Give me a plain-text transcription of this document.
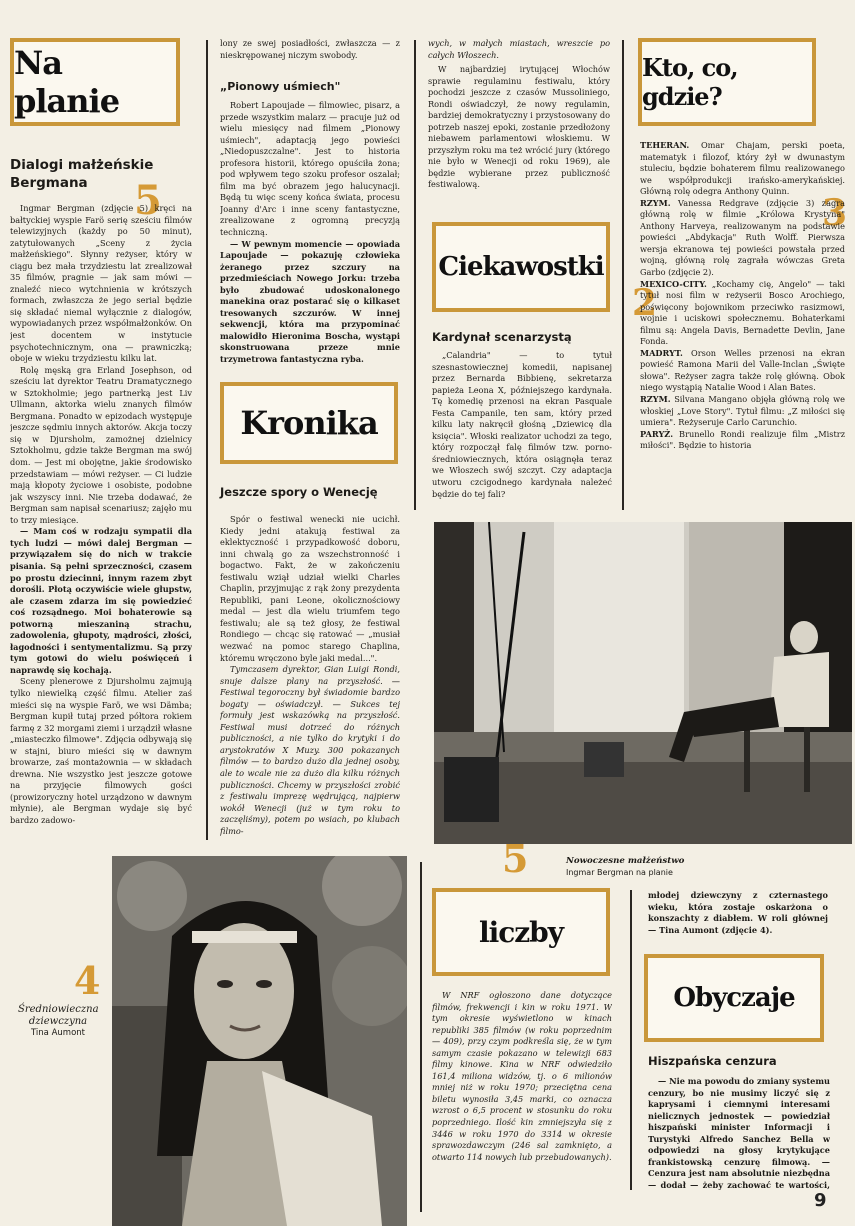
Na planie
Dialogi małżeńskie Bergmana	5

Ingmar Bergman (zdjęcie 5) kręci na bałtyckiej wyspie Farö serię sześciu filmów telewizyjnych (każdy po 50 minut), zatytułowanych „Sceny z życia małżeńskiego". Słynny reżyser, który w ciągu bez mała trzydziestu lat zrealizował 35 filmów, pragnie — jak sam mówi — znaleźć nieco wytchnienia w krótszych formach, zwłaszcza że jego serial będzie się składać niemal wyłącznie z dialogów, wypowiadanych przez współmałżonków. On jest docentem w instytucie psychotechnicznym, ona — prawniczką; oboje w wieku trzydziestu kilku lat.

Rolę męską gra Erland Josephson, od sześciu lat dyrektor Teatru Dramatycznego w Sztokholmie; jego partnerką jest Liv Ullmann, aktorka wielu znanych filmów Bergmana. Ponadto w epizodach występuje jeszcze sędmiu innych aktorów. Akcja toczy się w Djursholm, zamożnej dzielnicy Sztokholmu, gdzie także Bergman ma swój dom. — Jest mi obojętne, jakie środowisko przedstawiam — mówi reżyser. — Ci ludzie mają kłopoty życiowe i osobiste, podobne jak wszyscy inni. Nie trzeba dodawać, że Bergman sam napisał scenariusz; zajęło mu to trzy miesiące.

— Mam coś w rodzaju sympatii dla tych ludzi — mówi dalej Bergman — przywiązałem się do nich w trakcie pisania. Są pełni sprzeczności, czasem po prostu dziecinni, innym razem zbyt dorośli. Płotą oczywiście wiele głupstw, ale czasem zdarza im się powiedzieć coś rozsądnego. Moi bohaterowie są potworną mieszaniną strachu, zadowolenia, głupoty, mądrości, złości, łagodności i sentymentalizmu. Są przy tym gotowi do wielu poświęceń i naprawdę się kochają.

Sceny plenerowe z Djursholmu zajmują tylko niewielką część filmu. Atelier zaś mieści się na wyspie Farö, we wsi Dämba; Bergman kupił tutaj przed półtora rokiem farmę z 32 morgami ziemi i urządził własne „miasteczko filmowe". Zdjęcia odbywają się w stajni, biuro mieści się w dawnym browarze, zaś montażownia — w składach drewna. Nie wszystko jest jeszcze gotowe na przyjęcie filmowych gości (prowizoryczny hotel urządzono w dawnym młynie), ale Bergman wydaje się być bardzo zadowo-

lony ze swej posiadłości, zwłaszcza — z nieskrępowanej niczym swobody.

„Pionowy uśmiech"

Robert Lapoujade — filmowiec, pisarz, a przede wszystkim malarz — pracuje już od wielu miesięcy nad filmem „Pionowy uśmiech", adaptacją jego powieści „Niedopuszczalne". Jest to historia profesora historii, którego opuściła żona; pod wpływem tego szoku profesor oszalał; film ma być obrazem jego halucynacji. Będą tu więc sceny końca świata, procesu Joanny d'Arc i inne sceny fantastyczne, zrealizowane z ogromną precyzją techniczną.

— W pewnym momencie — opowiada Lapoujade — pokazuję człowieka żeranego przez szczury na przedmieściach Nowego Jorku: trzeba było zbudować udoskonalonego manekina oraz postarać się o kilkaset tresowanych szczurów. W innej sekwencji, która ma przypominać malowidło Hieronima Boscha, wystąpi skonstruowana przeze mnie trzymetrowa fantastyczna ryba.

Kronika
Jeszcze spory o Wenecję

Spór o festiwal wenecki nie ucichł. Kiedy jedni atakują festiwal za eklektyczność i przypadkowość doboru, inni chwalą go za wszechstronność i bogactwo. Fakt, że w zakończeniu festiwalu wziął udział wielki Charles Chaplin, przyjmując z rąk żony prezydenta Republiki, pani Leone, okolicznościowy medal — jest dla wielu triumfem tego festiwalu; ale są też głosy, że festiwal Rondiego — chcąc się ratować — „musiał wezwać na pomoc starego Chaplina, któremu wręczono byle jaki medal...".

Tymczasem dyrektor, Gian Luigi Rondi, snuje dalsze plany na przyszłość. — Festiwal tegoroczny był świadomie bardzo bogaty — oświadczył. — Sukces tej formuły jest wskazówką na przyszłość. Festiwal musi dotrzeć do różnych publiczności, a nie tylko do krytyki i do arystokratów X Muzy. 300 pokazanych filmów — to bardzo dużo dla jednej osoby, ale to wcale nie za dużo dla kilku różnych publiczności. Chcemy w przyszłości zrobić z festiwalu imprezę wędrującą, najpierw wokół Wenecji (już w tym roku to zaczęliśmy), potem po wsiach, po klubach filmo-

wych, w małych miastach, wreszcie po całych Włoszech.

W najbardziej irytującej Włochów sprawie regulaminu festiwalu, który pochodzi jeszcze z czasów Mussoliniego, Rondi oświadczył, że nowy regulamin, bardziej demokratyczny i przystosowany do potrzeb naszej epoki, zostanie przedłożony niebawem parlamentowi włoskiemu. W przyszłym roku ma też wrócić jury (którego nie było w Wenecji od roku 1969), ale będzie wybierane przez publiczność festiwalową.

Ciekawostki
Kardynał scenarzystą

„Calandria" — to tytuł szesnastowiecznej komedii, napisanej przez Bernarda Bibbienę, sekretarza papieża Leona X, późniejszego kardynała. Tę komedię przenosi na ekran Pasquale Festa Campanile, ten sam, który przed kilku laty nakręcił głośną „Dziewicę dla księcia". Włoski realizator uchodzi za tego, który rozpoczął falę filmów tzw. porno-średniowiecznych, która osiągnęła teraz we Włoszech swój szczyt. Czy adaptacja utworu czcigodnego kardynała należeć będzie do tej fali?

Kto, co, gdzie?
3
2

TEHERAN. Omar Chajam, perski poeta, matematyk i filozof, który żył w dwunastym stuleciu, będzie bohaterem filmu realizowanego we współprodukcji irańsko-amerykańskiej. Główną rolę odegra Anthony Quinn.

RZYM. Vanessa Redgrave (zdjęcie 3) zagra główną rolę w filmie „Królowa Krystyna" Anthony Harveya, realizowanym na podstawie powieści „Abdykacja" Ruth Wolff. Pierwsza wersja ekranowa tej powieści powstała przed wojną, główną rolę zagrała wówczas Greta Garbo (zdjęcie 2).

MEXICO-CITY. „Kochamy cię, Angelo" — taki tytuł nosi film w reżyserii Bosco Arochiego, poświęcony bojownikom przeciwko rasizmowi, wojnie i uciskowi społecznemu. Bohaterkami filmu są: Angela Davis, Bernadette Devlin, Jane Fonda.

MADRYT. Orson Welles przenosi na ekran powieść Ramona Marii del Valle-Inclan „Święte słowa". Reżyser zagra także rolę główną. Obok niego wystąpią Natalie Wood i Alan Bates.

RZYM. Silvana Mangano objęła główną rolę we włoskiej „Love Story". Tytuł filmu: „Z miłości się umiera". Reżyseruje Carlo Carunchio.

PARYŻ. Brunello Rondi realizuje film „Mistrz miłości". Będzie to historia

5	Nowoczesne małżeństwo
Ingmar Bergman na planie
4
Średniowieczna dziewczyna
Tina Aumont
liczby

W NRF ogłoszono dane dotyczące filmów, frekwencji i kin w roku 1971. W tym okresie wyświetlono w kinach republiki 385 filmów (w roku poprzednim — 409), przy czym podkreśla się, że w tym samym czasie pokazano w telewizji 683 filmy kinowe. Kina w NRF odwiedziło 161,4 miliona widzów, tj. o 6 milionów mniej niż w roku 1970; przeciętna cena biletu wynosiła 3,45 marki, co oznacza wzrost o 6,5 procent w stosunku do roku poprzedniego. Ilość kin zmniejszyła się z 3446 w roku 1970 do 3314 w okresie sprawozdawczym (246 sal zamknięto, a otwarto 114 nowych lub przebudowanych).

młodej dziewczyny z czternastego wieku, która zostaje oskarżona o konszachty z diabłem. W roli głównej — Tina Aumont (zdjęcie 4).

Obyczaje
Hiszpańska cenzura

— Nie ma powodu do zmiany systemu cenzury, bo nie musimy liczyć się z kaprysami i ciemnymi interesami nielicznych jednostek — powiedział hiszpański minister Informacji i Turystyki Alfredo Sanchez Bella w odpowiedzi na głosy krytykujące frankistowską cenzurę filmową. — Cenzura jest nam absolutnie niezbędna — dodał — żeby zachować te wartości,

9
